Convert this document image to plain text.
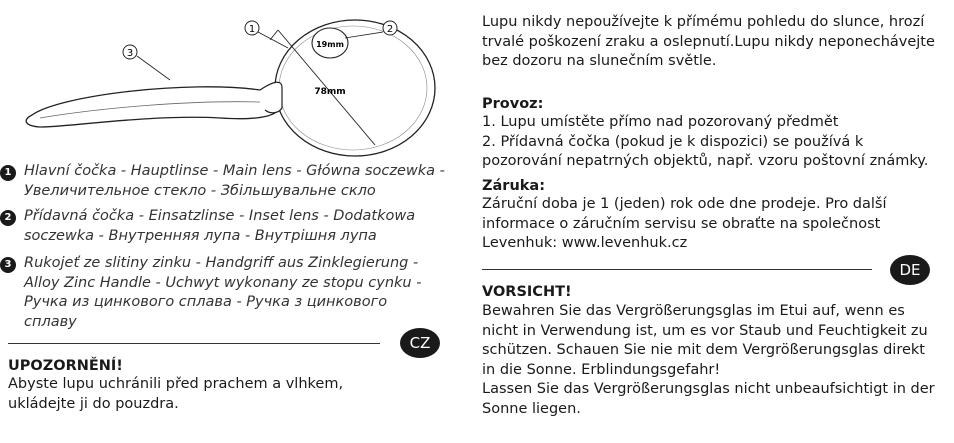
19mm
78mm
1	2
3
1 Hlavní čočka - Hauptlinse - Main lens - Główna soczewka -
Увеличительное стекло - Збільшувальне скло
2 Přídavná čočka - Einsatzlinse - Inset lens - Dodatkowa
soczewka - Внутренняя лупа - Внутрішня лупа
3 Rukojeť ze slitiny zinku - Handgriff aus Zinklegierung -
Alloy Zinc Handle - Uchwyt wykonany ze stopu cynku -
Ручка из цинкового сплава - Ручка з цинкового
сплаву
CZ
UPOZORNĚNÍ!
Abyste lupu uchránili před prachem a vlhkem,
ukládejte ji do pouzdra.
Lupu nikdy nepoužívejte k přímému pohledu do slunce, hrozí
trvalé poškození zraku a oslepnutí.Lupu nikdy neponechávejte
bez dozoru na slunečním světle.
Provoz:
1. Lupu umístěte přímo nad pozorovaný předmět
2. Přídavná čočka (pokud je k dispozici) se používá k
pozorování nepatrných objektů, např. vzoru poštovní známky.
Záruka:
Záruční doba je 1 (jeden) rok ode dne prodeje. Pro další
informace o záručním servisu se obraťte na společnost
Levenhuk: www.levenhuk.cz
DE
VORSICHT!
Bewahren Sie das Vergrößerungsglas im Etui auf, wenn es
nicht in Verwendung ist, um es vor Staub und Feuchtigkeit zu
schützen. Schauen Sie nie mit dem Vergrößerungsglas direkt
in die Sonne. Erblindungsgefahr!
Lassen Sie das Vergrößerungsglas nicht unbeaufsichtigt in der
Sonne liegen.
